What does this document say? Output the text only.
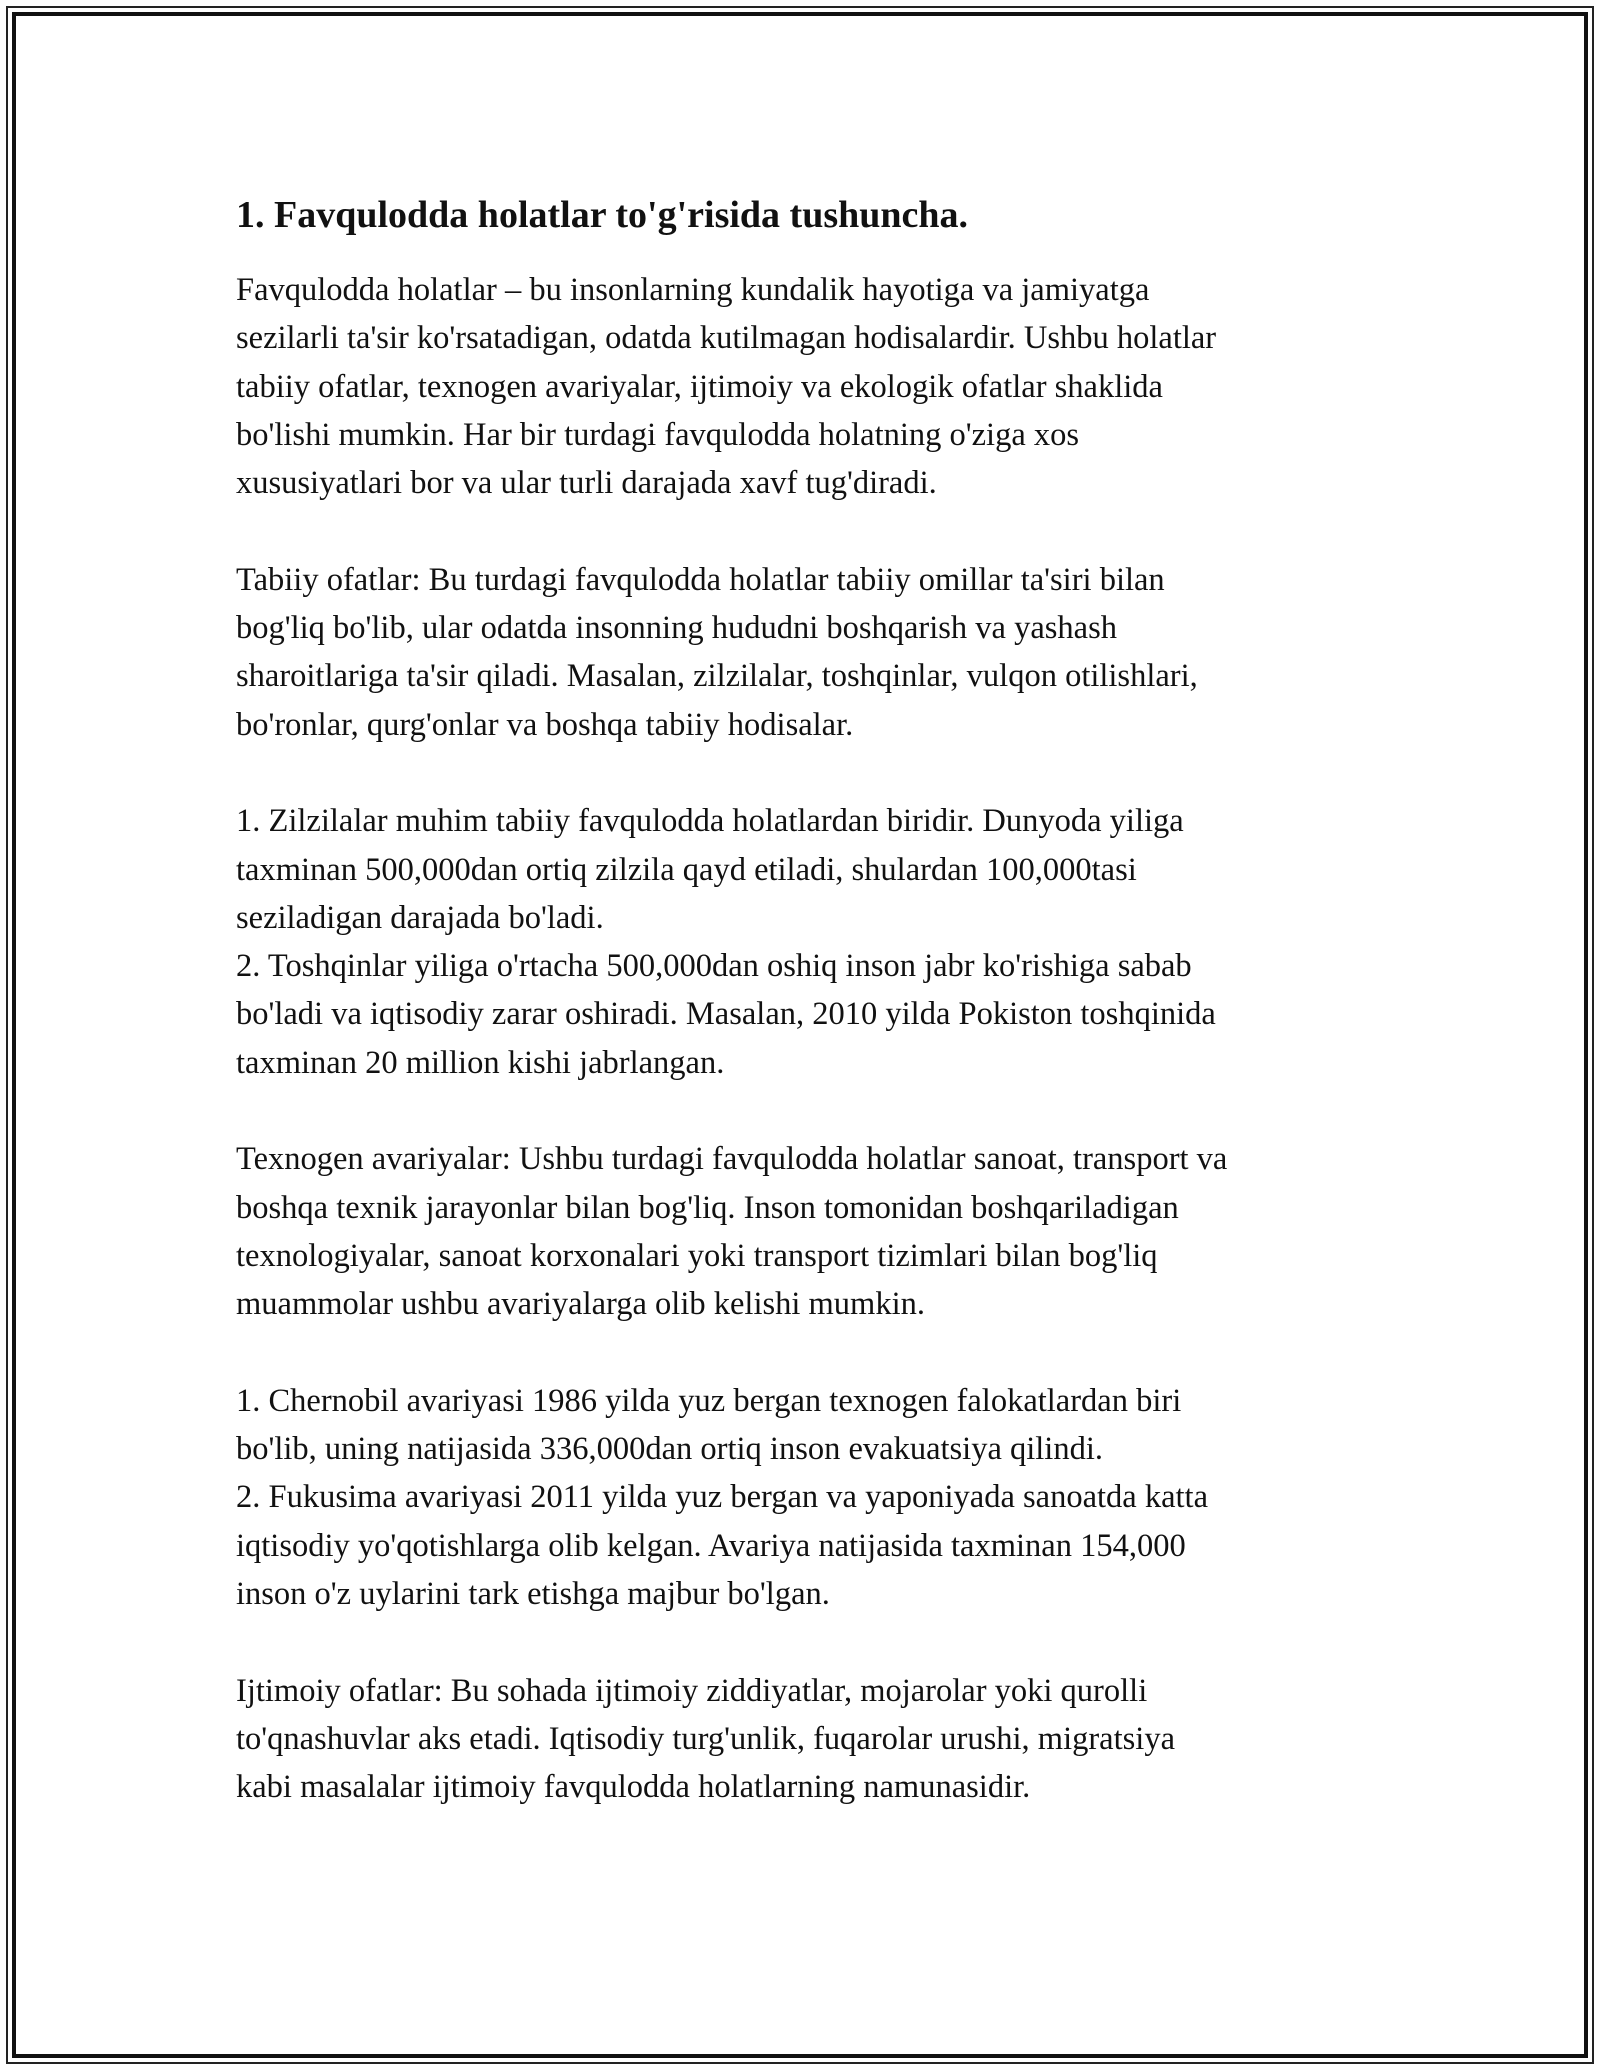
1. Favqulodda holatlar to'g'risida tushuncha.

Favqulodda holatlar – bu insonlarning kundalik hayotiga va jamiyatga

sezilarli ta'sir ko'rsatadigan, odatda kutilmagan hodisalardir. Ushbu holatlar

tabiiy ofatlar, texnogen avariyalar, ijtimoiy va ekologik ofatlar shaklida

bo'lishi mumkin. Har bir turdagi favqulodda holatning o'ziga xos

xususiyatlari bor va ular turli darajada xavf tug'diradi.

Tabiiy ofatlar: Bu turdagi favqulodda holatlar tabiiy omillar ta'siri bilan

bog'liq bo'lib, ular odatda insonning hududni boshqarish va yashash

sharoitlariga ta'sir qiladi. Masalan, zilzilalar, toshqinlar, vulqon otilishlari,

bo'ronlar, qurg'onlar va boshqa tabiiy hodisalar.

1. Zilzilalar muhim tabiiy favqulodda holatlardan biridir. Dunyoda yiliga

taxminan 500,000dan ortiq zilzila qayd etiladi, shulardan 100,000tasi

seziladigan darajada bo'ladi.

2. Toshqinlar yiliga o'rtacha 500,000dan oshiq inson jabr ko'rishiga sabab

bo'ladi va iqtisodiy zarar oshiradi. Masalan, 2010 yilda Pokiston toshqinida

taxminan 20 million kishi jabrlangan.

Texnogen avariyalar: Ushbu turdagi favqulodda holatlar sanoat, transport va

boshqa texnik jarayonlar bilan bog'liq. Inson tomonidan boshqariladigan

texnologiyalar, sanoat korxonalari yoki transport tizimlari bilan bog'liq

muammolar ushbu avariyalarga olib kelishi mumkin.

1. Chernobil avariyasi 1986 yilda yuz bergan texnogen falokatlardan biri

bo'lib, uning natijasida 336,000dan ortiq inson evakuatsiya qilindi.

2. Fukusima avariyasi 2011 yilda yuz bergan va yaponiyada sanoatda katta

iqtisodiy yo'qotishlarga olib kelgan. Avariya natijasida taxminan 154,000

inson o'z uylarini tark etishga majbur bo'lgan.

Ijtimoiy ofatlar: Bu sohada ijtimoiy ziddiyatlar, mojarolar yoki qurolli

to'qnashuvlar aks etadi. Iqtisodiy turg'unlik, fuqarolar urushi, migratsiya

kabi masalalar ijtimoiy favqulodda holatlarning namunasidir.
